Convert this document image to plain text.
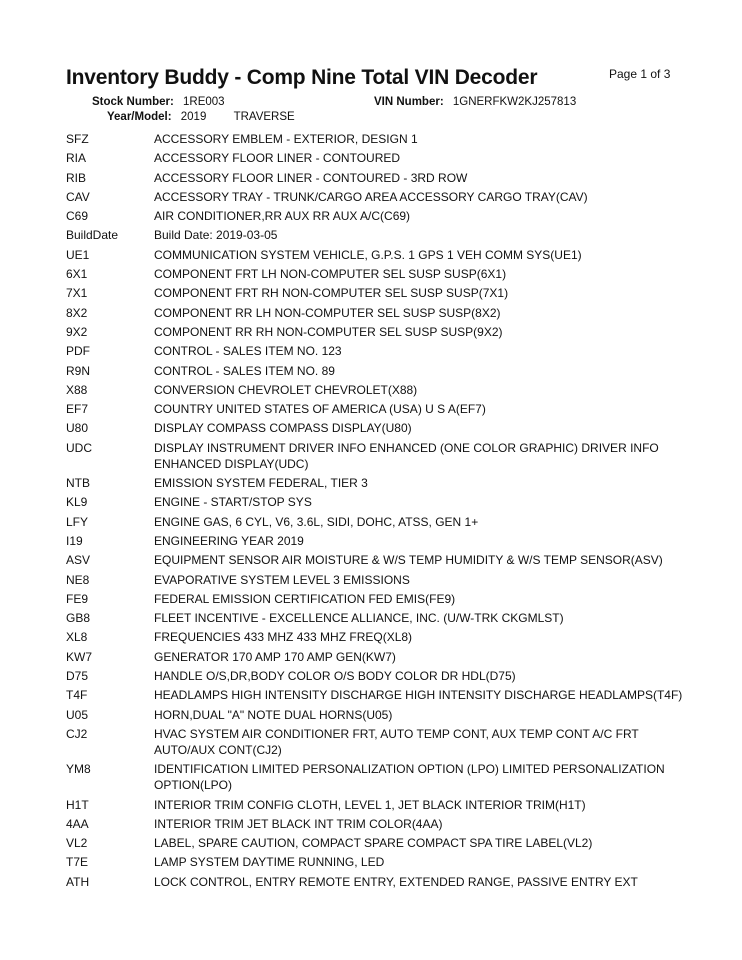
Inventory Buddy - Comp Nine Total VIN Decoder	Page 1 of 3
Stock Number: 1RE003	VIN Number: 1GNERFKW2KJ257813
Year/Model: 2019 TRAVERSE
SFZ	ACCESSORY EMBLEM - EXTERIOR, DESIGN 1
RIA	ACCESSORY FLOOR LINER - CONTOURED
RIB	ACCESSORY FLOOR LINER - CONTOURED - 3RD ROW
CAV	ACCESSORY TRAY - TRUNK/CARGO AREA ACCESSORY CARGO TRAY(CAV)
C69	AIR CONDITIONER,RR AUX RR AUX A/C(C69)
BuildDate	Build Date: 2019-03-05
UE1	COMMUNICATION SYSTEM VEHICLE, G.P.S. 1 GPS 1 VEH COMM SYS(UE1)
6X1	COMPONENT FRT LH NON-COMPUTER SEL SUSP SUSP(6X1)
7X1	COMPONENT FRT RH NON-COMPUTER SEL SUSP SUSP(7X1)
8X2	COMPONENT RR LH NON-COMPUTER SEL SUSP SUSP(8X2)
9X2	COMPONENT RR RH NON-COMPUTER SEL SUSP SUSP(9X2)
PDF	CONTROL - SALES ITEM NO. 123
R9N	CONTROL - SALES ITEM NO. 89
X88	CONVERSION CHEVROLET CHEVROLET(X88)
EF7	COUNTRY UNITED STATES OF AMERICA (USA) U S A(EF7)
U80	DISPLAY COMPASS COMPASS DISPLAY(U80)
UDC	DISPLAY INSTRUMENT DRIVER INFO ENHANCED (ONE COLOR GRAPHIC) DRIVER INFO ENHANCED DISPLAY(UDC)
NTB	EMISSION SYSTEM FEDERAL, TIER 3
KL9	ENGINE - START/STOP SYS
LFY	ENGINE GAS, 6 CYL, V6, 3.6L, SIDI, DOHC, ATSS, GEN 1+
I19	ENGINEERING YEAR 2019
ASV	EQUIPMENT SENSOR AIR MOISTURE & W/S TEMP HUMIDITY & W/S TEMP SENSOR(ASV)
NE8	EVAPORATIVE SYSTEM LEVEL 3 EMISSIONS
FE9	FEDERAL EMISSION CERTIFICATION FED EMIS(FE9)
GB8	FLEET INCENTIVE - EXCELLENCE ALLIANCE, INC. (U/W-TRK CKGMLST)
XL8	FREQUENCIES 433 MHZ 433 MHZ FREQ(XL8)
KW7	GENERATOR 170 AMP 170 AMP GEN(KW7)
D75	HANDLE O/S,DR,BODY COLOR O/S BODY COLOR DR HDL(D75)
T4F	HEADLAMPS HIGH INTENSITY DISCHARGE HIGH INTENSITY DISCHARGE HEADLAMPS(T4F)
U05	HORN,DUAL "A" NOTE DUAL HORNS(U05)
CJ2	HVAC SYSTEM AIR CONDITIONER FRT, AUTO TEMP CONT, AUX TEMP CONT A/C FRT AUTO/AUX CONT(CJ2)
YM8	IDENTIFICATION LIMITED PERSONALIZATION OPTION (LPO) LIMITED PERSONALIZATION OPTION(LPO)
H1T	INTERIOR TRIM CONFIG CLOTH, LEVEL 1, JET BLACK INTERIOR TRIM(H1T)
4AA	INTERIOR TRIM JET BLACK INT TRIM COLOR(4AA)
VL2	LABEL, SPARE CAUTION, COMPACT SPARE COMPACT SPA TIRE LABEL(VL2)
T7E	LAMP SYSTEM DAYTIME RUNNING, LED
ATH	LOCK CONTROL, ENTRY REMOTE ENTRY, EXTENDED RANGE, PASSIVE ENTRY EXT
